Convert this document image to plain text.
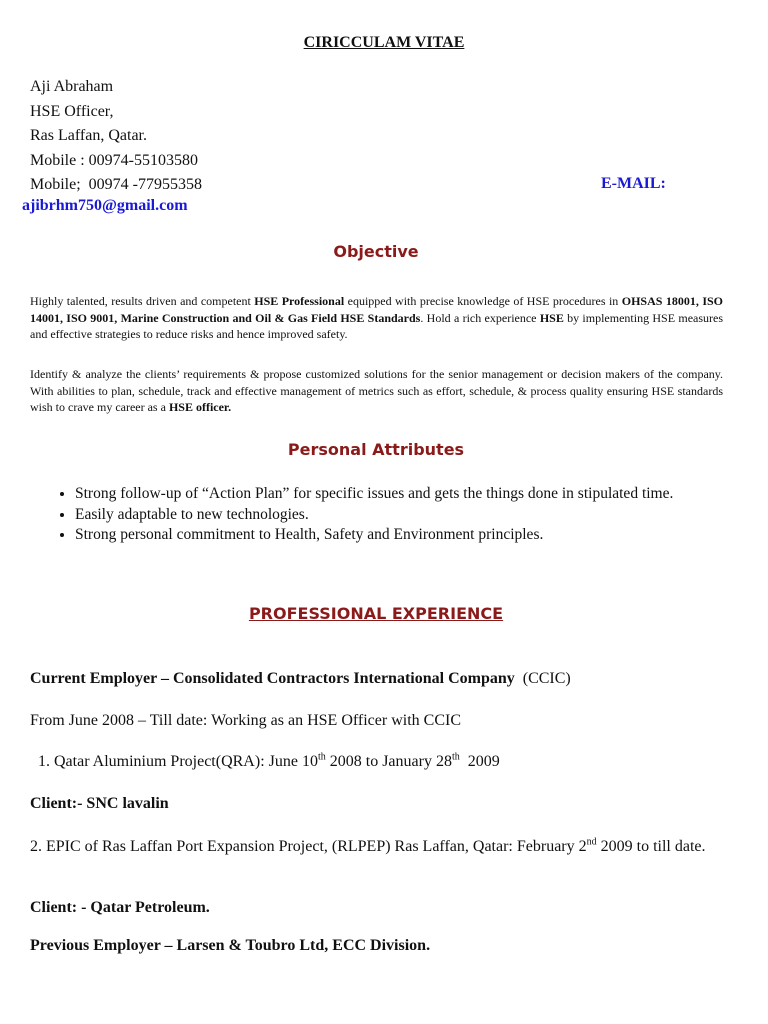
CIRICCULAM VITAE
Aji Abraham
HSE Officer,
Ras Laffan, Qatar.
Mobile : 00974-55103580
Mobile;  00974 -77955358	E-MAIL:
ajibrhm750@gmail.com
Objective
Highly talented, results driven and competent HSE Professional equipped with precise knowledge of HSE procedures in OHSAS 18001, ISO 14001, ISO 9001, Marine Construction and Oil & Gas Field HSE Standards. Hold a rich experience HSE by implementing HSE measures and effective strategies to reduce risks and hence improved safety.
Identify & analyze the clients’ requirements & propose customized solutions for the senior management or decision makers of the company. With abilities to plan, schedule, track and effective management of metrics such as effort, schedule, & process quality ensuring HSE standards wish to crave my career as a HSE officer.
Personal Attributes
• Strong follow-up of “Action Plan” for specific issues and gets the things done in stipulated time.
• Easily adaptable to new technologies.
• Strong personal commitment to Health, Safety and Environment principles.
PROFESSIONAL EXPERIENCE
Current Employer – Consolidated Contractors International Company  (CCIC)
From June 2008 – Till date: Working as an HSE Officer with CCIC
1. Qatar Aluminium Project(QRA): June 10th 2008 to January 28th  2009
Client:- SNC lavalin
2. EPIC of Ras Laffan Port Expansion Project, (RLPEP) Ras Laffan, Qatar: February 2nd 2009 to till date.
Client: - Qatar Petroleum.
Previous Employer – Larsen & Toubro Ltd, ECC Division.
